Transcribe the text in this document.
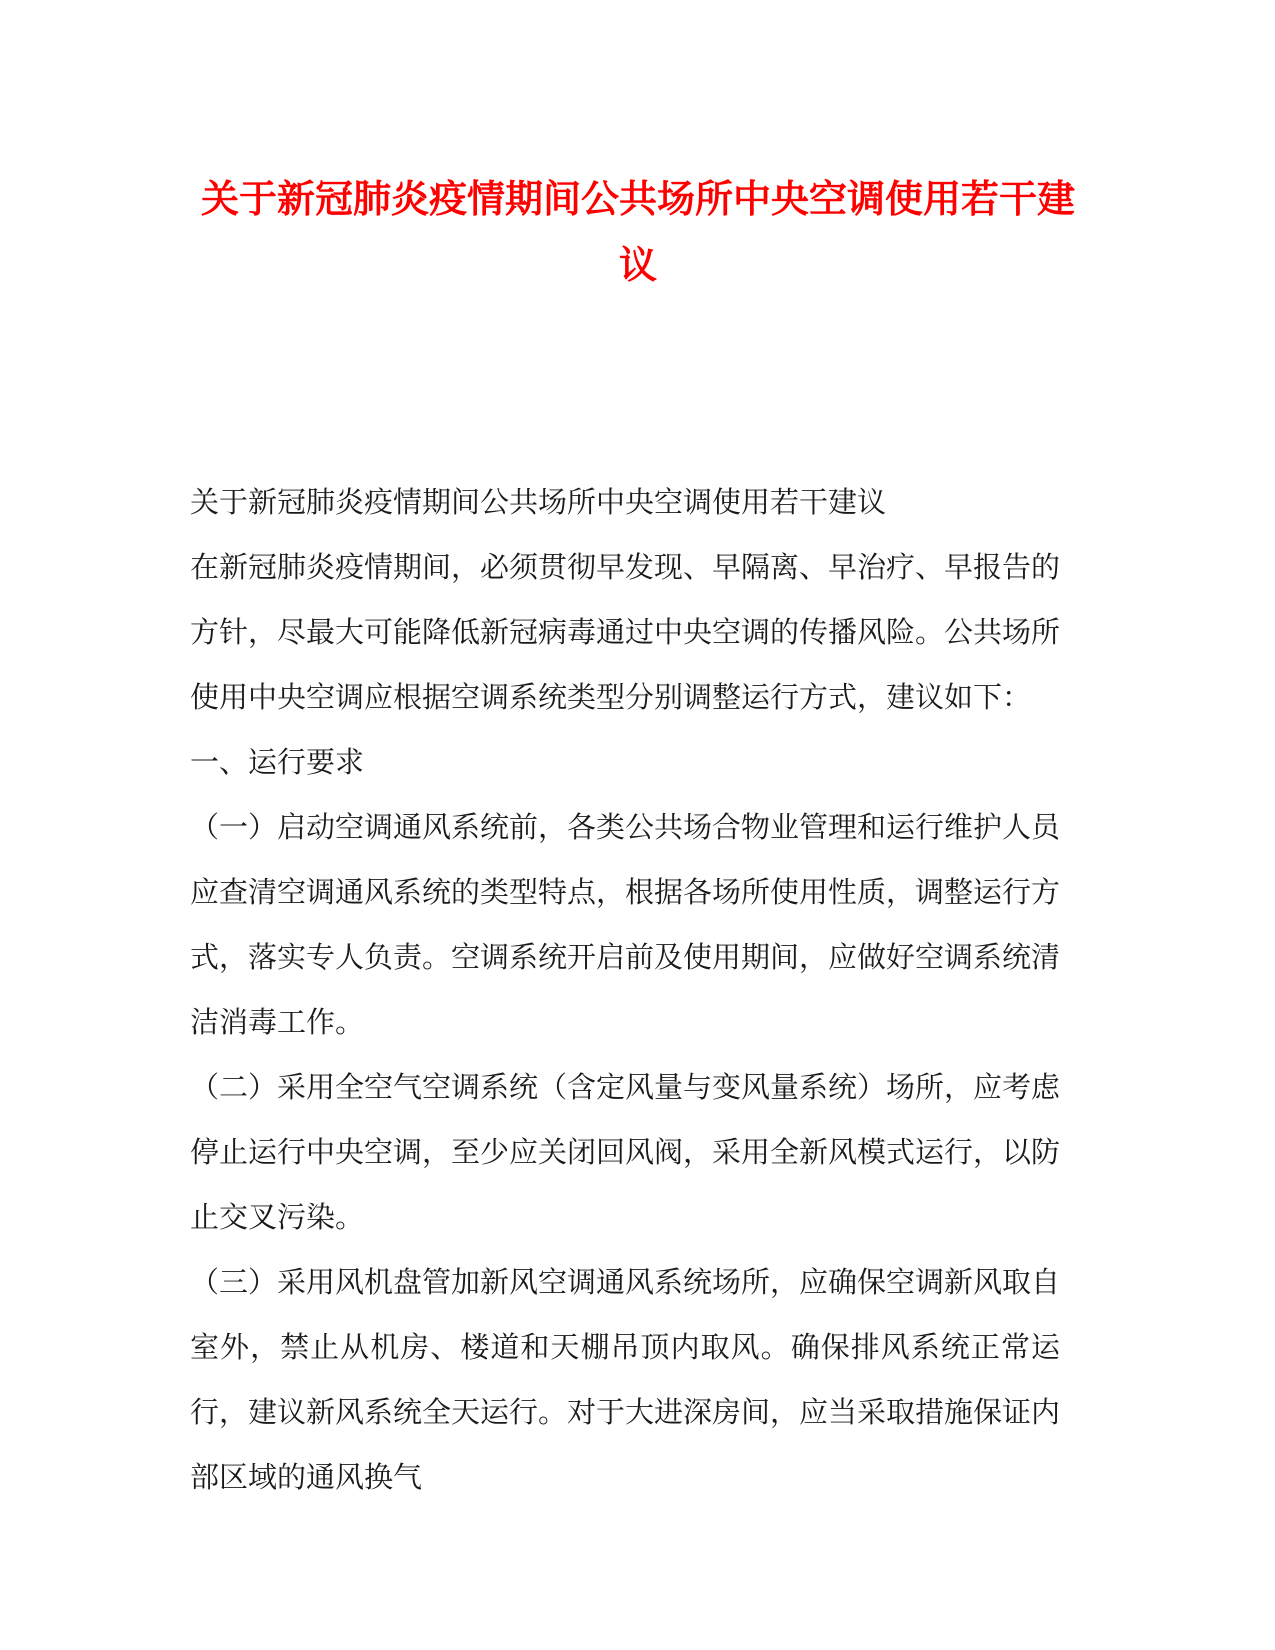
关于新冠肺炎疫情期间公共场所中央空调使用若干建议

关于新冠肺炎疫情期间公共场所中央空调使用若干建议

在新冠肺炎疫情期间，必须贯彻早发现、早隔离、早治疗、早报告的方针，尽最大可能降低新冠病毒通过中央空调的传播风险。公共场所使用中央空调应根据空调系统类型分别调整运行方式，建议如下：

一、运行要求

（一）启动空调通风系统前，各类公共场合物业管理和运行维护人员应查清空调通风系统的类型特点，根据各场所使用性质，调整运行方式，落实专人负责。空调系统开启前及使用期间，应做好空调系统清洁消毒工作。

（二）采用全空气空调系统（含定风量与变风量系统）场所，应考虑停止运行中央空调，至少应关闭回风阀，采用全新风模式运行，以防止交叉污染。

（三）采用风机盘管加新风空调通风系统场所，应确保空调新风取自室外，禁止从机房、楼道和天棚吊顶内取风。确保排风系统正常运行，建议新风系统全天运行。对于大进深房间，应当采取措施保证内部区域的通风换气
